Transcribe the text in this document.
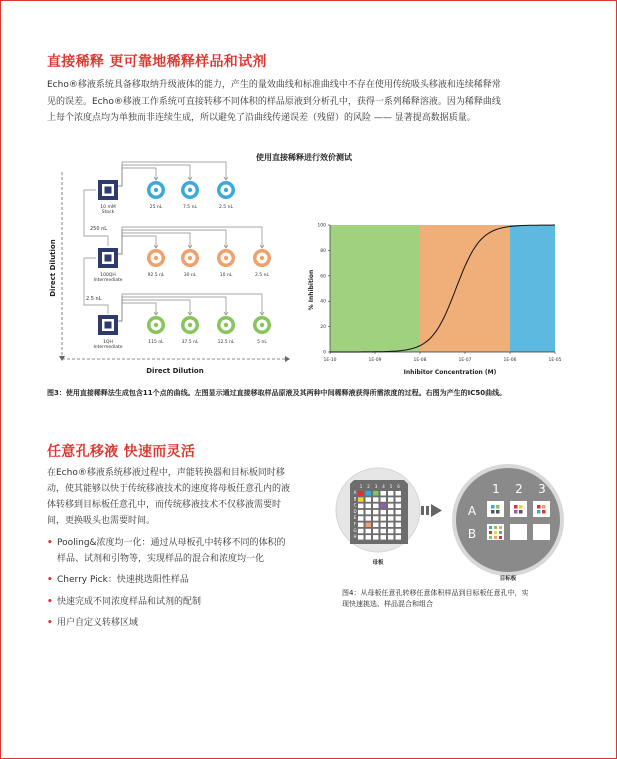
直接稀释 更可靠地稀释样品和试剂
Echo®移液系统具备移取纳升级液体的能力，产生的量效曲线和标准曲线中不存在使用传统吸头移液和连续稀释常
见的误差。Echo®移液工作系统可直接转移不同体积的样品原液到分析孔中，获得一系列稀释溶液。因为稀释曲线
上每个浓度点均为单独而非连续生成，所以避免了沿曲线传递误差（残留）的风险 —— 显著提高数据质量。
使用直接稀释进行效价测试
Direct Dilution
Direct Dilution
10 mM
Stock
100QH
Intermediate
250 nL
1QH
Intermediate
2.5 nL
25 nL	7.5 nL	2.5 nL
92.5 nL	30 nL	10 nL	2.5 nL
115 nL	37.5 nL	12.5 nL	5 nL
0
20
40
60
80
100
1E-10	1E-09	1E-08	1E-07	1E-06	1E-05
Inhibitor Concentration (M)
% Inhibition
图3：使用直接稀释法生成包含11个点的曲线。左图显示通过直接移取样品原液及其两种中间稀释液获得所需浓度的过程。右图为产生的IC50曲线。
任意孔移液 快速而灵活
在Echo®移液系统移液过程中，声能转换器和目标板同时移
动，使其能够以快于传统移液技术的速度将母板任意孔内的液
体转移到目标板任意孔中，而传统移液技术不仅移液需要时
间，更换吸头也需要时间。
• Pooling&浓度均一化：通过从母板孔中转移不同的体积的
样品、试剂和引物等，实现样品的混合和浓度均一化
• Cherry Pick：快速挑选阳性样品
• 快速完成不同浓度样品和试剂的配制
• 用户自定义转移区域
1 2 3 4 5 6
A
B
C
D
E
F
G
H
母板
1 2 3
A
B
目标板
图4：从母板任意孔转移任意体积样品到目标板任意孔中，实
现快速挑选、样品混合和组合
